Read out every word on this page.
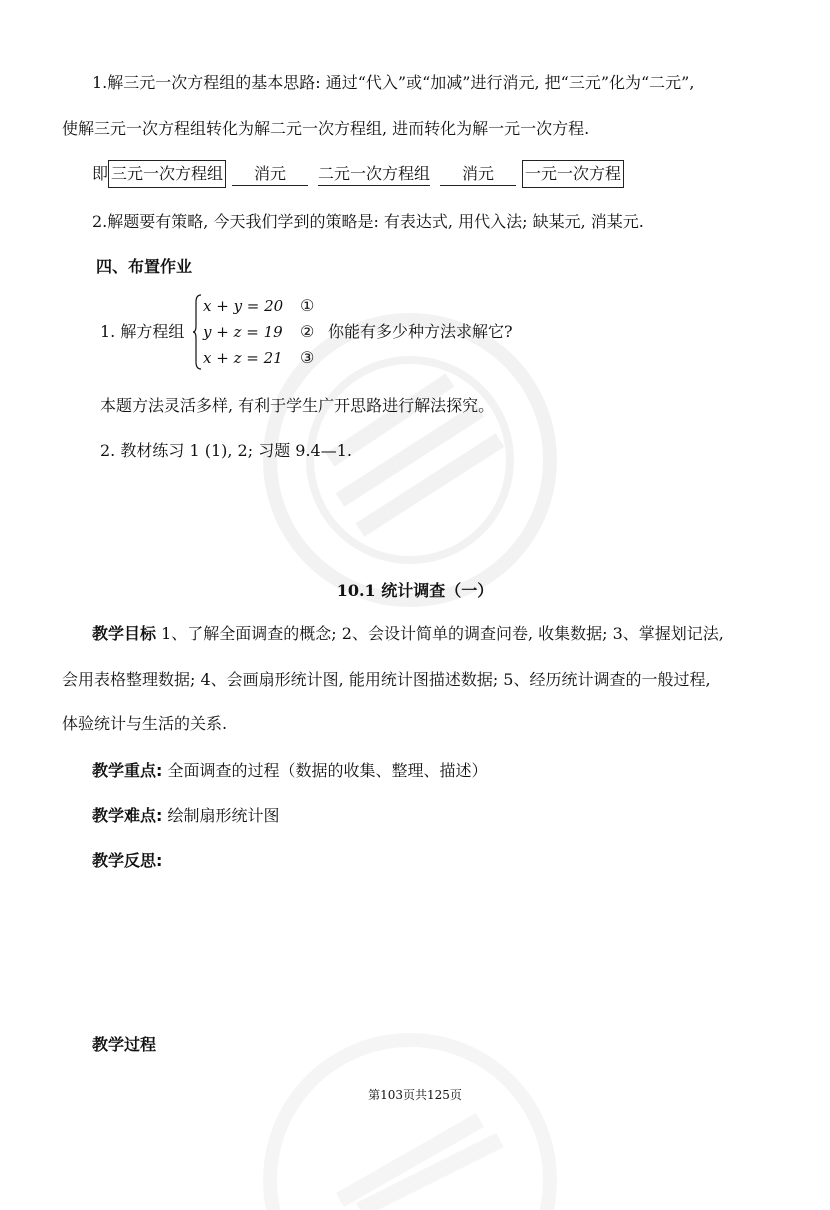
1.解三元一次方程组的基本思路: 通过“代入”或“加减”进行消元, 把“三元”化为“二元”,
使解三元一次方程组转化为解二元一次方程组, 进而转化为解一元一次方程.
即 三元一次方程组 消元 二元一次方程组 消元 一元一次方程
2.解题要有策略, 今天我们学到的策略是: 有表达式, 用代入法; 缺某元, 消某元.
四、布置作业
1. 解方程组
x + y = 20
y + z = 19
x + z = 21
①
②
③
你能有多少种方法求解它?
本题方法灵活多样, 有利于学生广开思路进行解法探究。
2. 教材练习 1 (1), 2; 习题 9.4—1.
10.1 统计调查（一）
教学目标 1、了解全面调查的概念; 2、会设计简单的调查问卷, 收集数据; 3、掌握划记法,
会用表格整理数据; 4、会画扇形统计图, 能用统计图描述数据; 5、经历统计调查的一般过程,
体验统计与生活的关系.
教学重点: 全面调查的过程（数据的收集、整理、描述）
教学难点: 绘制扇形统计图
教学反思:
教学过程
第103页共125页
